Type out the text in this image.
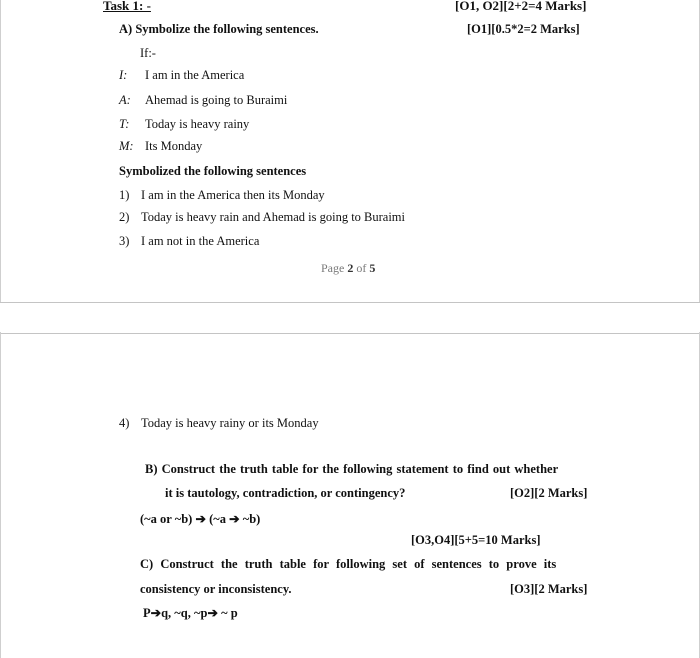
Task 1: -	[O1, O2][2+2=4 Marks]
A) Symbolize the following sentences.	[O1][0.5*2=2 Marks]
If:-
I: I am in the America
A: Ahemad is going to Buraimi
T: Today is heavy rainy
M: Its Monday
Symbolized the following sentences
1) I am in the America then its Monday
2) Today is heavy rain and Ahemad is going to Buraimi
3) I am not in the America
Page 2 of 5
4) Today is heavy rainy or its Monday
B) Construct the truth table for the following statement to find out whether
it is tautology, contradiction, or contingency?	[O2][2 Marks]
(~a or ~b) ➔ (~a ➔ ~b)
[O3,O4][5+5=10 Marks]
C) Construct the truth table for following set of sentences to prove its
consistency or inconsistency.	[O3][2 Marks]
P➔q, ~q, ~p➔ ~ p
